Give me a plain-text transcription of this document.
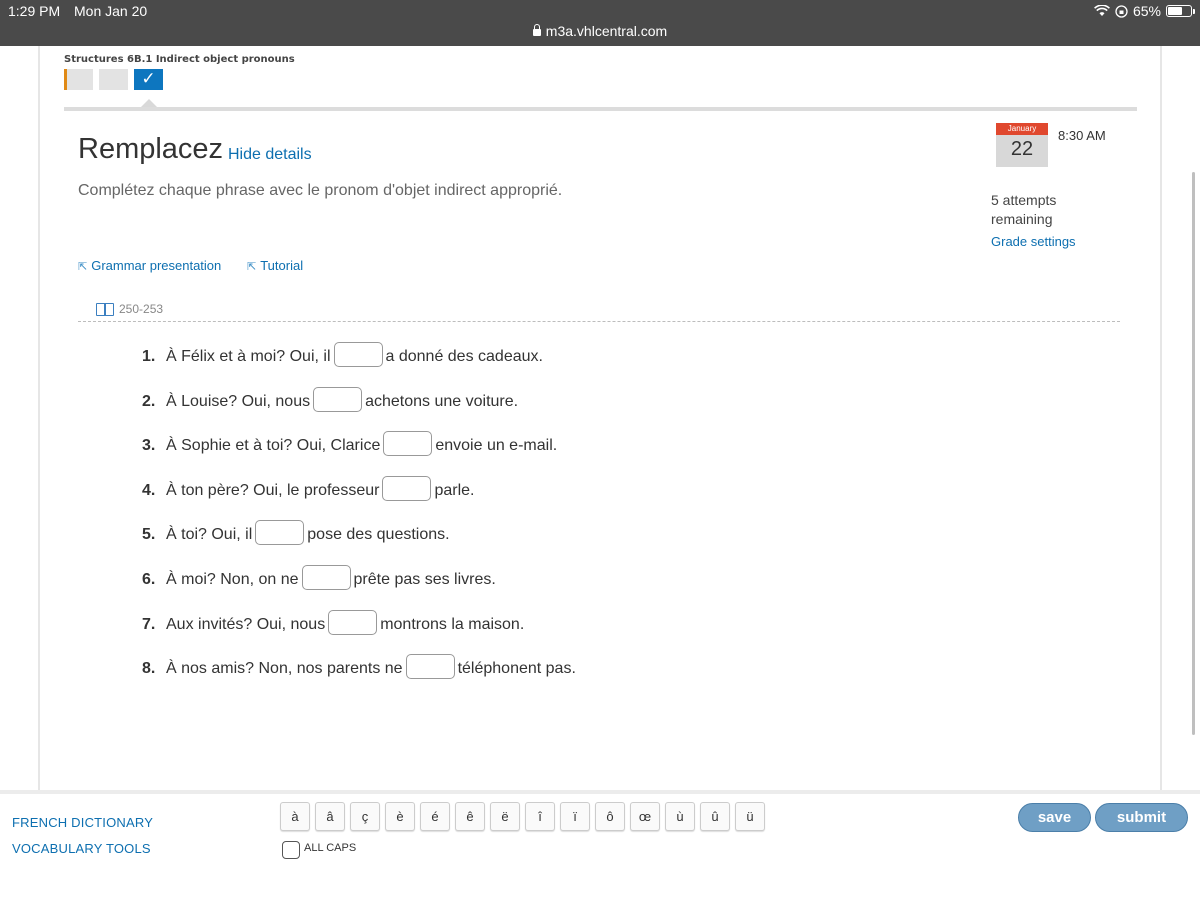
1:29 PM Mon Jan 20
m3a.vhlcentral.com
65%
Structures 6B.1 Indirect object pronouns
✓
Remplacez Hide details
Complétez chaque phrase avec le pronom d'objet indirect approprié.
January
22
8:30 AM
5 attempts remaining
Grade settings
⇱ Grammar presentation ⇱ Tutorial
250-253
1. À Félix et à moi? Oui, il	a donné des cadeaux.
2. À Louise? Oui, nous	achetons une voiture.
3. À Sophie et à toi? Oui, Clarice	envoie un e-mail.
4. À ton père? Oui, le professeur	parle.
5. À toi? Oui, il	pose des questions.
6. À moi? Non, on ne	prête pas ses livres.
7. Aux invités? Oui, nous	montrons la maison.
8. À nos amis? Non, nos parents ne	téléphonent pas.
FRENCH DICTIONARY
VOCABULARY TOOLS
à	â	ç	è	é	ê	ë	î	ï	ô	œ	ù	û	ü
ALL CAPS
save	submit
